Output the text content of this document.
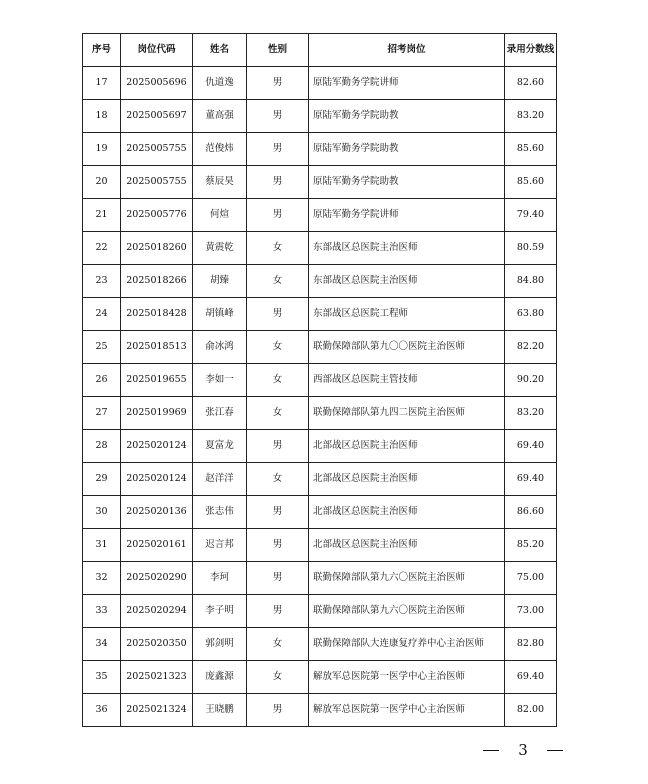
序号	岗位代码	姓名	性别	招考岗位	录用分数线
17	2025005696	仇道逸	男	原陆军勤务学院讲师	82.60
18	2025005697	董高强	男	原陆军勤务学院助教	83.20
19	2025005755	范俊炜	男	原陆军勤务学院助教	85.60
20	2025005755	蔡辰昊	男	原陆军勤务学院助教	85.60
21	2025005776	何煊	男	原陆军勤务学院讲师	79.40
22	2025018260	黄震乾	女	东部战区总医院主治医师	80.59
23	2025018266	胡臻	女	东部战区总医院主治医师	84.80
24	2025018428	胡镇峰	男	东部战区总医院工程师	63.80
25	2025018513	俞冰鸿	女	联勤保障部队第九〇〇医院主治医师	82.20
26	2025019655	李如一	女	西部战区总医院主管技师	90.20
27	2025019969	张江春	女	联勤保障部队第九四二医院主治医师	83.20
28	2025020124	夏富龙	男	北部战区总医院主治医师	69.40
29	2025020124	赵洋洋	女	北部战区总医院主治医师	69.40
30	2025020136	张志伟	男	北部战区总医院主治医师	86.60
31	2025020161	迟言邦	男	北部战区总医院主治医师	85.20
32	2025020290	李珂	男	联勤保障部队第九六〇医院主治医师	75.00
33	2025020294	李子明	男	联勤保障部队第九六〇医院主治医师	73.00
34	2025020350	郭剑明	女	联勤保障部队大连康复疗养中心主治医师	82.80
35	2025021323	庞鑫源	女	解放军总医院第一医学中心主治医师	69.40
36	2025021324	王晓鹏	男	解放军总医院第一医学中心主治医师	82.00
3
